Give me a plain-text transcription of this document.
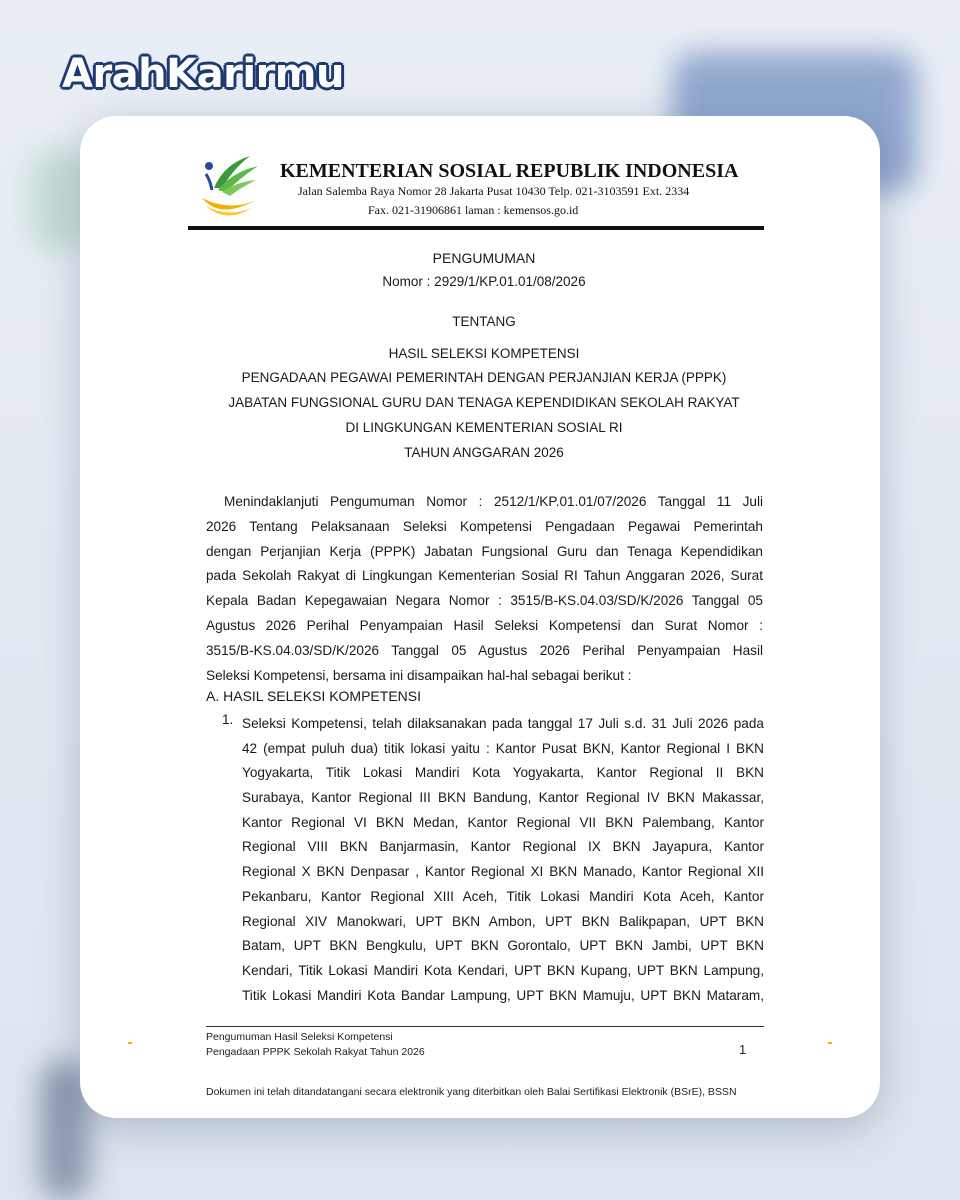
ArahKarirmu
KEMENTERIAN SOSIAL REPUBLIK INDONESIA
Jalan Salemba Raya Nomor 28 Jakarta Pusat 10430 Telp. 021-3103591 Ext. 2334
Fax. 021-31906861 laman : kemensos.go.id
PENGUMUMAN
Nomor : 2929/1/KP.01.01/08/2026
TENTANG
HASIL SELEKSI KOMPETENSI
PENGADAAN PEGAWAI PEMERINTAH DENGAN PERJANJIAN KERJA (PPPK)
JABATAN FUNGSIONAL GURU DAN TENAGA KEPENDIDIKAN SEKOLAH RAKYAT
DI LINGKUNGAN KEMENTERIAN SOSIAL RI
TAHUN ANGGARAN 2026
Menindaklanjuti Pengumuman Nomor : 2512/1/KP.01.01/07/2026 Tanggal 11 Juli
2026 Tentang Pelaksanaan Seleksi Kompetensi Pengadaan Pegawai Pemerintah
dengan Perjanjian Kerja (PPPK) Jabatan Fungsional Guru dan Tenaga Kependidikan
pada Sekolah Rakyat di Lingkungan Kementerian Sosial RI Tahun Anggaran 2026, Surat
Kepala Badan Kepegawaian Negara Nomor : 3515/B-KS.04.03/SD/K/2026 Tanggal 05
Agustus 2026 Perihal Penyampaian Hasil Seleksi Kompetensi dan Surat Nomor :
3515/B-KS.04.03/SD/K/2026 Tanggal 05 Agustus 2026 Perihal Penyampaian Hasil
Seleksi Kompetensi, bersama ini disampaikan hal-hal sebagai berikut :
A. HASIL SELEKSI KOMPETENSI
1. Seleksi Kompetensi, telah dilaksanakan pada tanggal 17 Juli s.d. 31 Juli 2026 pada
42 (empat puluh dua) titik lokasi yaitu : Kantor Pusat BKN, Kantor Regional I BKN
Yogyakarta, Titik Lokasi Mandiri Kota Yogyakarta, Kantor Regional II BKN
Surabaya, Kantor Regional III BKN Bandung, Kantor Regional IV BKN Makassar,
Kantor Regional VI BKN Medan, Kantor Regional VII BKN Palembang, Kantor
Regional VIII BKN Banjarmasin, Kantor Regional IX BKN Jayapura, Kantor
Regional X BKN Denpasar , Kantor Regional XI BKN Manado, Kantor Regional XII
Pekanbaru, Kantor Regional XIII Aceh, Titik Lokasi Mandiri Kota Aceh, Kantor
Regional XIV Manokwari, UPT BKN Ambon, UPT BKN Balikpapan, UPT BKN
Batam, UPT BKN Bengkulu, UPT BKN Gorontalo, UPT BKN Jambi, UPT BKN
Kendari, Titik Lokasi Mandiri Kota Kendari, UPT BKN Kupang, UPT BKN Lampung,
Titik Lokasi Mandiri Kota Bandar Lampung, UPT BKN Mamuju, UPT BKN Mataram,
Pengumuman Hasil Seleksi Kompetensi
Pengadaan PPPK Sekolah Rakyat Tahun 2026	1
Dokumen ini telah ditandatangani secara elektronik yang diterbitkan oleh Balai Sertifikasi Elektronik (BSrE), BSSN
